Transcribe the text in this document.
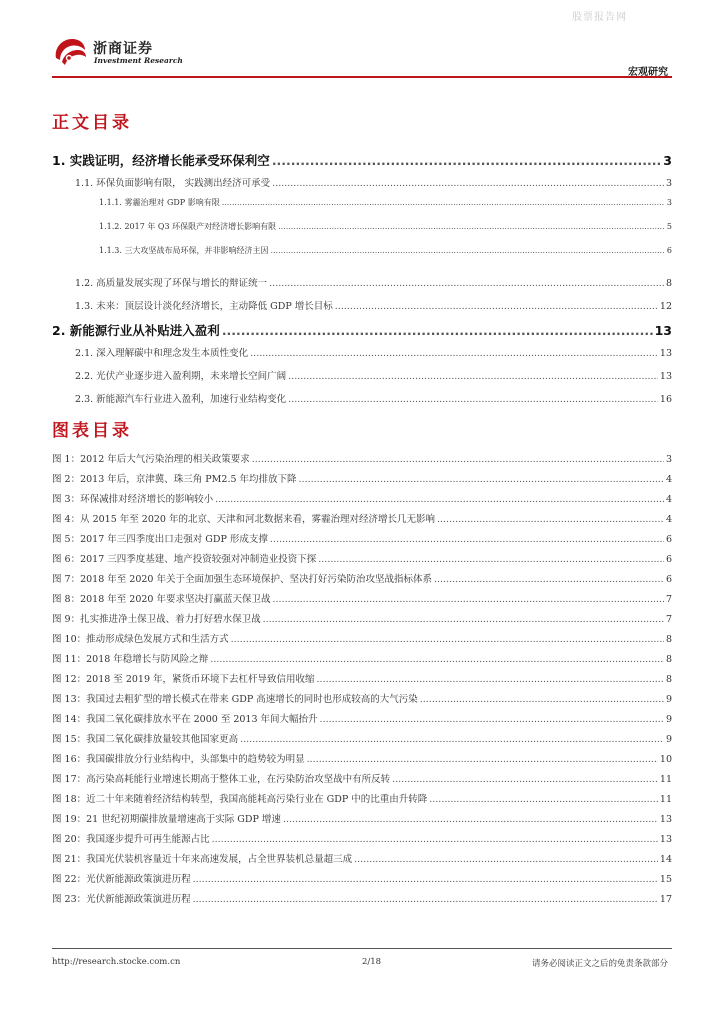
股票报告网
浙商证券
Investment Research
宏观研究
正文目录
1. 实践证明，经济增长能承受环保利空 .....	3
1.1. 环保负面影响有限， 实践测出经济可承受 .....	3
1.1.1. 雾霾治理对 GDP 影响有限 .....	3
1.1.2. 2017 年 Q3 环保限产对经济增长影响有限 .....	5
1.1.3. 三大攻坚战布局环保，并非影响经济主因 .....	6
1.2. 高质量发展实现了环保与增长的辩证统一 .....	8
1.3. 未来：顶层设计淡化经济增长，主动降低 GDP 增长目标 .....	12
2. 新能源行业从补贴进入盈利 .....	13
2.1. 深入理解碳中和理念发生本质性变化 .....	13
2.2. 光伏产业逐步进入盈利期，未来增长空间广阔 .....	13
2.3. 新能源汽车行业进入盈利，加速行业结构变化 .....	16
图表目录
图 1：2012 年后大气污染治理的相关政策要求 .....	3
图 2：2013 年后，京津冀、珠三角 PM2.5 年均排放下降 .....	4
图 3：环保减排对经济增长的影响较小 .....	4
图 4：从 2015 年至 2020 年的北京、天津和河北数据来看，雾霾治理对经济增长几无影响 .....	4
图 5：2017 年三四季度出口走强对 GDP 形成支撑 .....	6
图 6：2017 三四季度基建、地产投资较强对冲制造业投资下探 .....	6
图 7：2018 年至 2020 年关于全面加强生态环境保护、坚决打好污染防治攻坚战指标体系 .....	6
图 8：2018 年至 2020 年要求坚决打赢蓝天保卫战 .....	7
图 9：扎实推进净土保卫战、着力打好碧水保卫战 .....	7
图 10：推动形成绿色发展方式和生活方式 .....	8
图 11：2018 年稳增长与防风险之辩 .....	8
图 12：2018 至 2019 年，紧货币环境下去杠杆导致信用收缩 .....	8
图 13：我国过去粗犷型的增长模式在带来 GDP 高速增长的同时也形成较高的大气污染 .....	9
图 14：我国二氧化碳排放水平在 2000 至 2013 年间大幅抬升 .....	9
图 15：我国二氧化碳排放量较其他国家更高 .....	9
图 16：我国碳排放分行业结构中，头部集中的趋势较为明显 .....	10
图 17：高污染高耗能行业增速长期高于整体工业，在污染防治攻坚战中有所反转 .....	11
图 18：近二十年来随着经济结构转型，我国高能耗高污染行业在 GDP 中的比重由升转降 .....	11
图 19：21 世纪初期碳排放量增速高于实际 GDP 增速 .....	13
图 20：我国逐步提升可再生能源占比 .....	13
图 21：我国光伏装机容量近十年来高速发展，占全世界装机总量超三成 .....	14
图 22：光伏新能源政策演进历程 .....	15
图 23：光伏新能源政策演进历程 .....	17
http://research.stocke.com.cn	2/18	请务必阅读正文之后的免责条款部分
